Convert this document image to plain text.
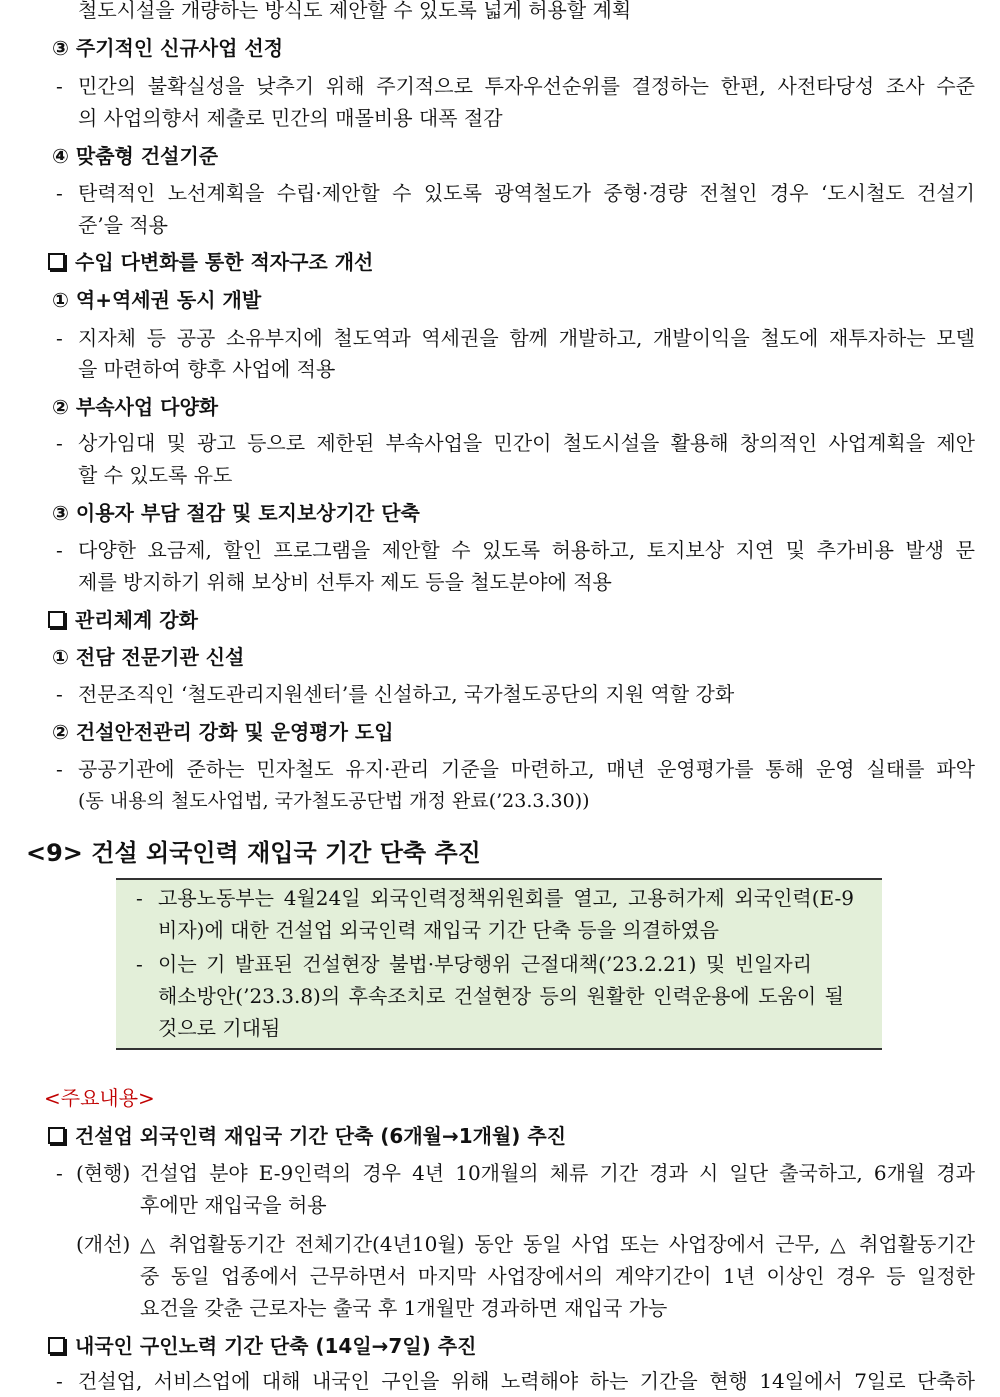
철도시설을 개량하는 방식도 제안할 수 있도록 넓게 허용할 계획
③ 주기적인 신규사업 선정
- 민간의 불확실성을 낮추기 위해 주기적으로 투자우선순위를 결정하는 한편, 사전타당성 조사 수준
의 사업의향서 제출로 민간의 매몰비용 대폭 절감
④ 맞춤형 건설기준
- 탄력적인 노선계획을 수립·제안할 수 있도록 광역철도가 중형·경량 전철인 경우 ‘도시철도 건설기
준’을 적용
수입 다변화를 통한 적자구조 개선
① 역+역세권 동시 개발
- 지자체 등 공공 소유부지에 철도역과 역세권을 함께 개발하고, 개발이익을 철도에 재투자하는 모델
을 마련하여 향후 사업에 적용
② 부속사업 다양화
- 상가임대 및 광고 등으로 제한된 부속사업을 민간이 철도시설을 활용해 창의적인 사업계획을 제안
할 수 있도록 유도
③ 이용자 부담 절감 및 토지보상기간 단축
- 다양한 요금제, 할인 프로그램을 제안할 수 있도록 허용하고, 토지보상 지연 및 추가비용 발생 문
제를 방지하기 위해 보상비 선투자 제도 등을 철도분야에 적용
관리체계 강화
① 전담 전문기관 신설
- 전문조직인 ‘철도관리지원센터’를 신설하고, 국가철도공단의 지원 역할 강화
② 건설안전관리 강화 및 운영평가 도입
- 공공기관에 준하는 민자철도 유지·관리 기준을 마련하고, 매년 운영평가를 통해 운영 실태를 파악
(동 내용의 철도사업법, 국가철도공단법 개정 완료(’23.3.30))
<9> 건설 외국인력 재입국 기간 단축 추진
- 고용노동부는 4월24일 외국인력정책위원회를 열고, 고용허가제 외국인력(E-9
비자)에 대한 건설업 외국인력 재입국 기간 단축 등을 의결하였음
- 이는 기 발표된 건설현장 불법·부당행위 근절대책(’23.2.21) 및 빈일자리
해소방안(’23.3.8)의 후속조치로 건설현장 등의 원활한 인력운용에 도움이 될
것으로 기대됨
<주요내용>
건설업 외국인력 재입국 기간 단축 (6개월→1개월) 추진
- (현행) 건설업 분야 E-9인력의 경우 4년 10개월의 체류 기간 경과 시 일단 출국하고, 6개월 경과
후에만 재입국을 허용
(개선) △ 취업활동기간 전체기간(4년10월) 동안 동일 사업 또는 사업장에서 근무, △ 취업활동기간
중 동일 업종에서 근무하면서 마지막 사업장에서의 계약기간이 1년 이상인 경우 등 일정한
요건을 갖춘 근로자는 출국 후 1개월만 경과하면 재입국 가능
내국인 구인노력 기간 단축 (14일→7일) 추진
- 건설업, 서비스업에 대해 내국인 구인을 위해 노력해야 하는 기간을 현행 14일에서 7일로 단축하
